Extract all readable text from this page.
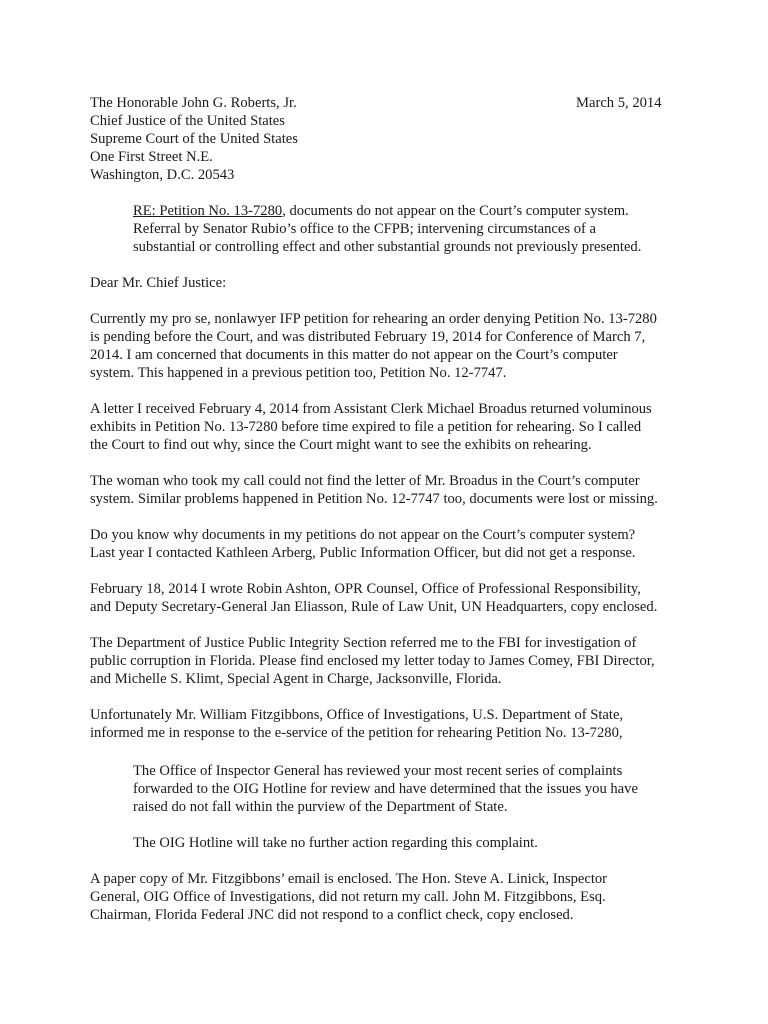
The Honorable John G. Roberts, Jr.
Chief Justice of the United States
Supreme Court of the United States
One First Street N.E.
Washington, D.C. 20543
March 5, 2014
RE: Petition No. 13-7280, documents do not appear on the Court’s computer system.
Referral by Senator Rubio’s office to the CFPB; intervening circumstances of a
substantial or controlling effect and other substantial grounds not previously presented.
Dear Mr. Chief Justice:
Currently my pro se, nonlawyer IFP petition for rehearing an order denying Petition No. 13-7280
is pending before the Court, and was distributed February 19, 2014 for Conference of March 7,
2014. I am concerned that documents in this matter do not appear on the Court’s computer
system. This happened in a previous petition too, Petition No. 12-7747.
A letter I received February 4, 2014 from Assistant Clerk Michael Broadus returned voluminous
exhibits in Petition No. 13-7280 before time expired to file a petition for rehearing. So I called
the Court to find out why, since the Court might want to see the exhibits on rehearing.
The woman who took my call could not find the letter of Mr. Broadus in the Court’s computer
system. Similar problems happened in Petition No. 12-7747 too, documents were lost or missing.
Do you know why documents in my petitions do not appear on the Court’s computer system?
Last year I contacted Kathleen Arberg, Public Information Officer, but did not get a response.
February 18, 2014 I wrote Robin Ashton, OPR Counsel, Office of Professional Responsibility,
and Deputy Secretary-General Jan Eliasson, Rule of Law Unit, UN Headquarters, copy enclosed.
The Department of Justice Public Integrity Section referred me to the FBI for investigation of
public corruption in Florida. Please find enclosed my letter today to James Comey, FBI Director,
and Michelle S. Klimt, Special Agent in Charge, Jacksonville, Florida.
Unfortunately Mr. William Fitzgibbons, Office of Investigations, U.S. Department of State,
informed me in response to the e-service of the petition for rehearing Petition No. 13-7280,
The Office of Inspector General has reviewed your most recent series of complaints
forwarded to the OIG Hotline for review and have determined that the issues you have
raised do not fall within the purview of the Department of State.
The OIG Hotline will take no further action regarding this complaint.
A paper copy of Mr. Fitzgibbons’ email is enclosed. The Hon. Steve A. Linick, Inspector
General, OIG Office of Investigations, did not return my call. John M. Fitzgibbons, Esq.
Chairman, Florida Federal JNC did not respond to a conflict check, copy enclosed.
